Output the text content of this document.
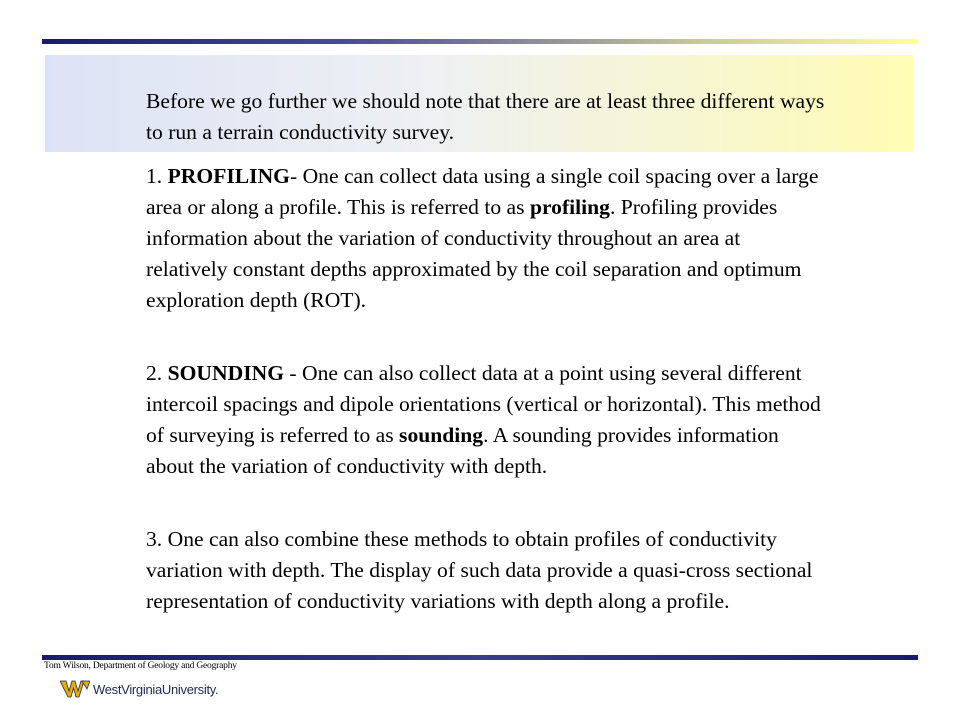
Before we go further we should note that there are at least three different ways to run a terrain conductivity survey.

1. PROFILING- One can collect data using a single coil spacing over a large area or along a profile. This is referred to as profiling. Profiling provides information about the variation of conductivity throughout an area at relatively constant depths approximated by the coil separation and optimum exploration depth (ROT).

2. SOUNDING - One can also collect data at a point using several different intercoil spacings and dipole orientations (vertical or horizontal). This method of surveying is referred to as sounding. A sounding provides information about the variation of conductivity with depth.

3. One can also combine these methods to obtain profiles of conductivity variation with depth. The display of such data provide a quasi-cross sectional representation of conductivity variations with depth along a profile.

Tom Wilson, Department of Geology and Geography
WestVirginiaUniversity.
